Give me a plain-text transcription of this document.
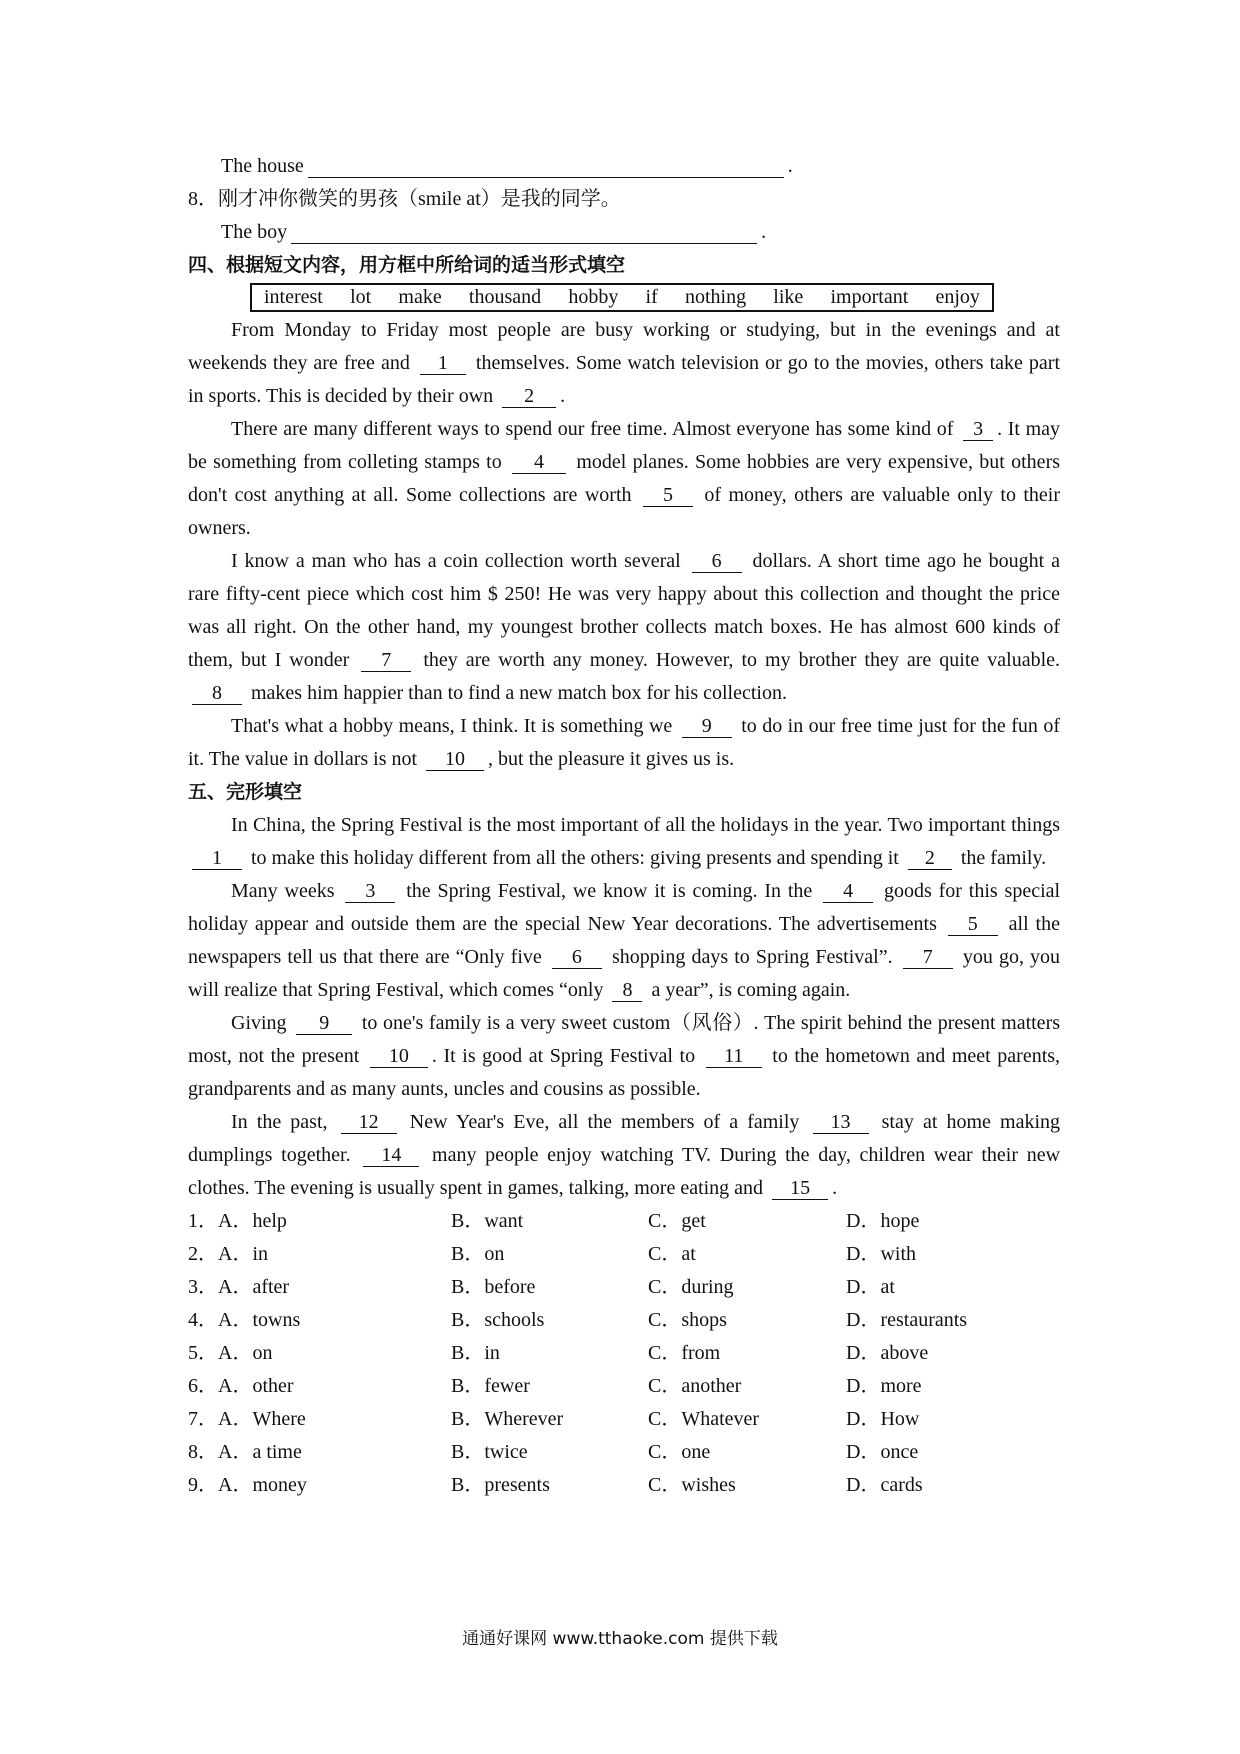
The house	.
8．刚才冲你微笑的男孩（smile at）是我的同学。
The boy	.
四、根据短文内容，用方框中所给词的适当形式填空
interest lot make thousand hobby if nothing like important enjoy

From Monday to Friday most people are busy working or studying, but in the evenings and at weekends they are free and 1 themselves. Some watch television or go to the movies, others take part in sports. This is decided by their own 2 .

There are many different ways to spend our free time. Almost everyone has some kind of 3 . It may be something from colleting stamps to 4 model planes. Some hobbies are very expensive, but others don't cost anything at all. Some collections are worth 5 of money, others are valuable only to their owners.

I know a man who has a coin collection worth several 6 dollars. A short time ago he bought a rare fifty-cent piece which cost him $ 250! He was very happy about this collection and thought the price was all right. On the other hand, my youngest brother collects match boxes. He has almost 600 kinds of them, but I wonder 7 they are worth any money. However, to my brother they are quite valuable. 8 makes him happier than to find a new match box for his collection.

That's what a hobby means, I think. It is something we 9 to do in our free time just for the fun of it. The value in dollars is not 10 , but the pleasure it gives us is.

五、完形填空

In China, the Spring Festival is the most important of all the holidays in the year. Two important things 1 to make this holiday different from all the others: giving presents and spending it 2 the family.

Many weeks 3 the Spring Festival, we know it is coming. In the 4 goods for this special holiday appear and outside them are the special New Year decorations. The advertisements 5 all the newspapers tell us that there are “Only five 6 shopping days to Spring Festival”. 7 you go, you will realize that Spring Festival, which comes “only 8 a year”, is coming again.

Giving 9 to one's family is a very sweet custom（风俗）. The spirit behind the present matters most, not the present 10 . It is good at Spring Festival to 11 to the hometown and meet parents, grandparents and as many aunts, uncles and cousins as possible.

In the past, 12 New Year's Eve, all the members of a family 13 stay at home making dumplings together. 14 many people enjoy watching TV. During the day, children wear their new clothes. The evening is usually spent in games, talking, more eating and 15 .

1．A．help	B．want	C．get	D．hope
2．A．in	B．on	C．at	D．with
3．A．after	B．before	C．during	D．at
4．A．towns	B．schools	C．shops	D．restaurants
5．A．on	B．in	C．from	D．above
6．A．other	B．fewer	C．another	D．more
7．A．Where	B．Wherever	C．Whatever	D．How
8．A．a time	B．twice	C．one	D．once
9．A．money	B．presents	C．wishes	D．cards
通通好课网 www.tthaoke.com 提供下载
